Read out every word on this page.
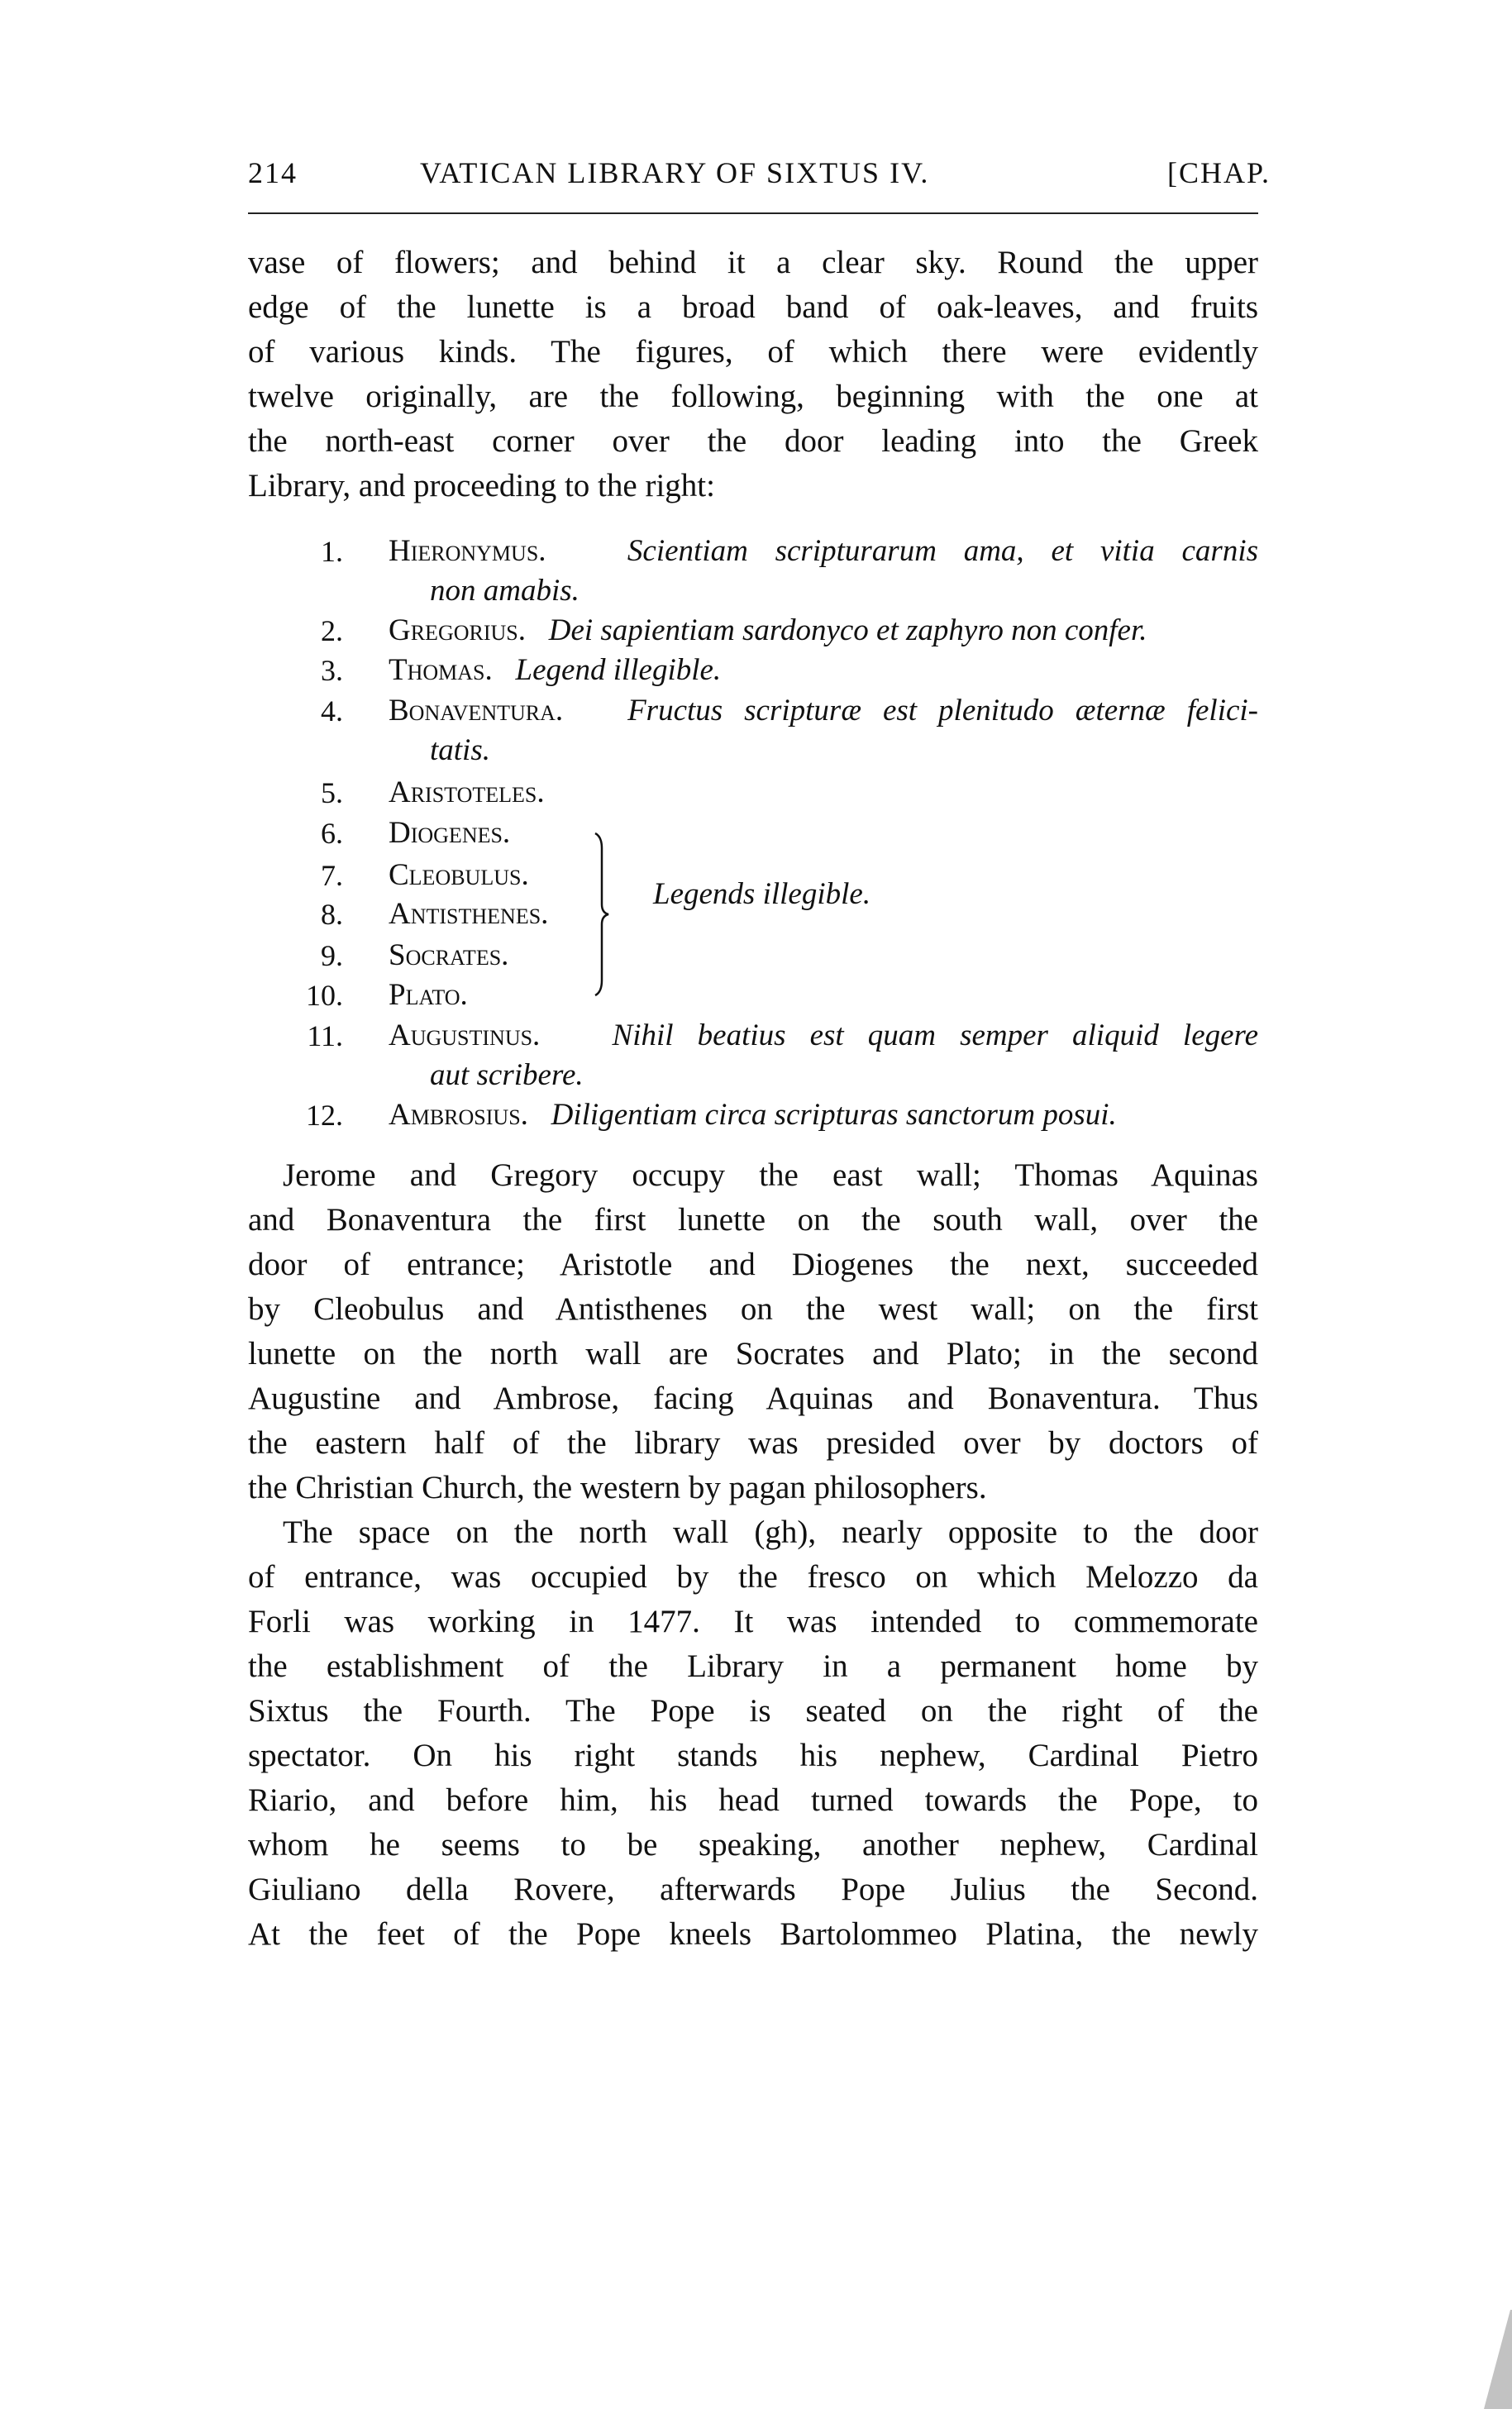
214	VATICAN LIBRARY OF SIXTUS IV.	[CHAP.
vase of flowers; and behind it a clear sky. Round the upper
edge of the lunette is a broad band of oak-leaves, and fruits
of various kinds. The figures, of which there were evidently
twelve originally, are the following, beginning with the one at
the north-east corner over the door leading into the Greek
Library, and proceeding to the right:
1. Hieronymus.	Scientiam scripturarum ama, et vitia carnis
non amabis.
2. Gregorius. Dei sapientiam sardonyco et zaphyro non confer.
3. Thomas. Legend illegible.
4. Bonaventura. Fructus scripturæ est plenitudo æternæ felici-
tatis.
5. Aristoteles.
6. Diogenes.
7. Cleobulus.
8. Antisthenes.
9. Socrates.
10. Plato.
Legends illegible.
11. Augustinus. Nihil beatius est quam semper aliquid legere
aut scribere.
12. Ambrosius. Diligentiam circa scripturas sanctorum posui.
Jerome and Gregory occupy the east wall; Thomas Aquinas
and Bonaventura the first lunette on the south wall, over the
door of entrance; Aristotle and Diogenes the next, succeeded
by Cleobulus and Antisthenes on the west wall; on the first
lunette on the north wall are Socrates and Plato; in the second
Augustine and Ambrose, facing Aquinas and Bonaventura. Thus
the eastern half of the library was presided over by doctors of
the Christian Church, the western by pagan philosophers.
The space on the north wall (gh), nearly opposite to the door
of entrance, was occupied by the fresco on which Melozzo da
Forli was working in 1477. It was intended to commemorate
the establishment of the Library in a permanent home by
Sixtus the Fourth. The Pope is seated on the right of the
spectator. On his right stands his nephew, Cardinal Pietro
Riario, and before him, his head turned towards the Pope, to
whom he seems to be speaking, another nephew, Cardinal
Giuliano della Rovere, afterwards Pope Julius the Second.
At the feet of the Pope kneels Bartolommeo Platina, the newly
